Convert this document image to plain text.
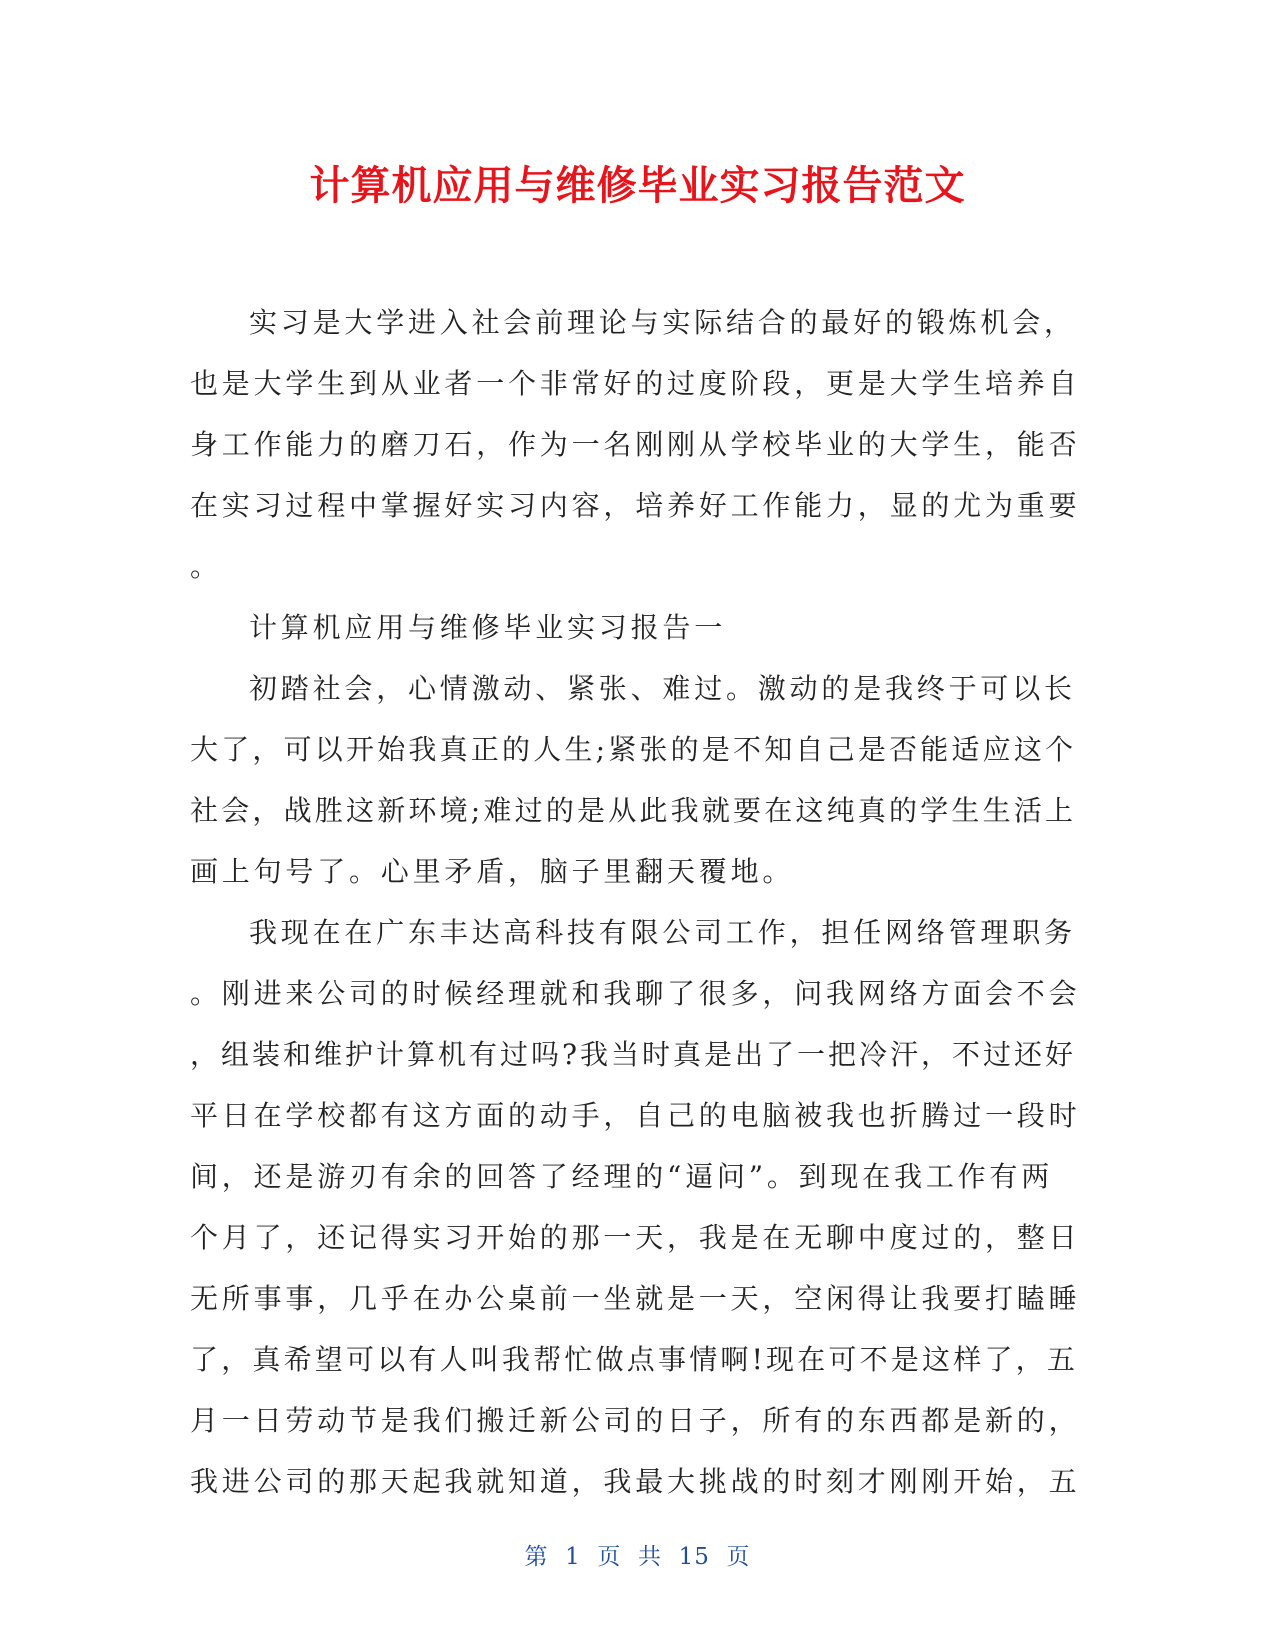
计算机应用与维修毕业实习报告范文
实习是大学进入社会前理论与实际结合的最好的锻炼机会，
也是大学生到从业者一个非常好的过度阶段，更是大学生培养自
身工作能力的磨刀石，作为一名刚刚从学校毕业的大学生，能否
在实习过程中掌握好实习内容，培养好工作能力，显的尤为重要
。
计算机应用与维修毕业实习报告一
初踏社会，心情激动、紧张、难过。激动的是我终于可以长
大了，可以开始我真正的人生;紧张的是不知自己是否能适应这个
社会，战胜这新环境;难过的是从此我就要在这纯真的学生生活上
画上句号了。心里矛盾，脑子里翻天覆地。
我现在在广东丰达高科技有限公司工作，担任网络管理职务
。刚进来公司的时候经理就和我聊了很多，问我网络方面会不会
，组装和维护计算机有过吗?我当时真是出了一把冷汗，不过还好
平日在学校都有这方面的动手，自己的电脑被我也折腾过一段时
间，还是游刃有余的回答了经理的“逼问”。到现在我工作有两
个月了，还记得实习开始的那一天，我是在无聊中度过的，整日
无所事事，几乎在办公桌前一坐就是一天，空闲得让我要打瞌睡
了，真希望可以有人叫我帮忙做点事情啊!现在可不是这样了，五
月一日劳动节是我们搬迁新公司的日子，所有的东西都是新的，
我进公司的那天起我就知道，我最大挑战的时刻才刚刚开始，五
第  1  页  共  15  页
